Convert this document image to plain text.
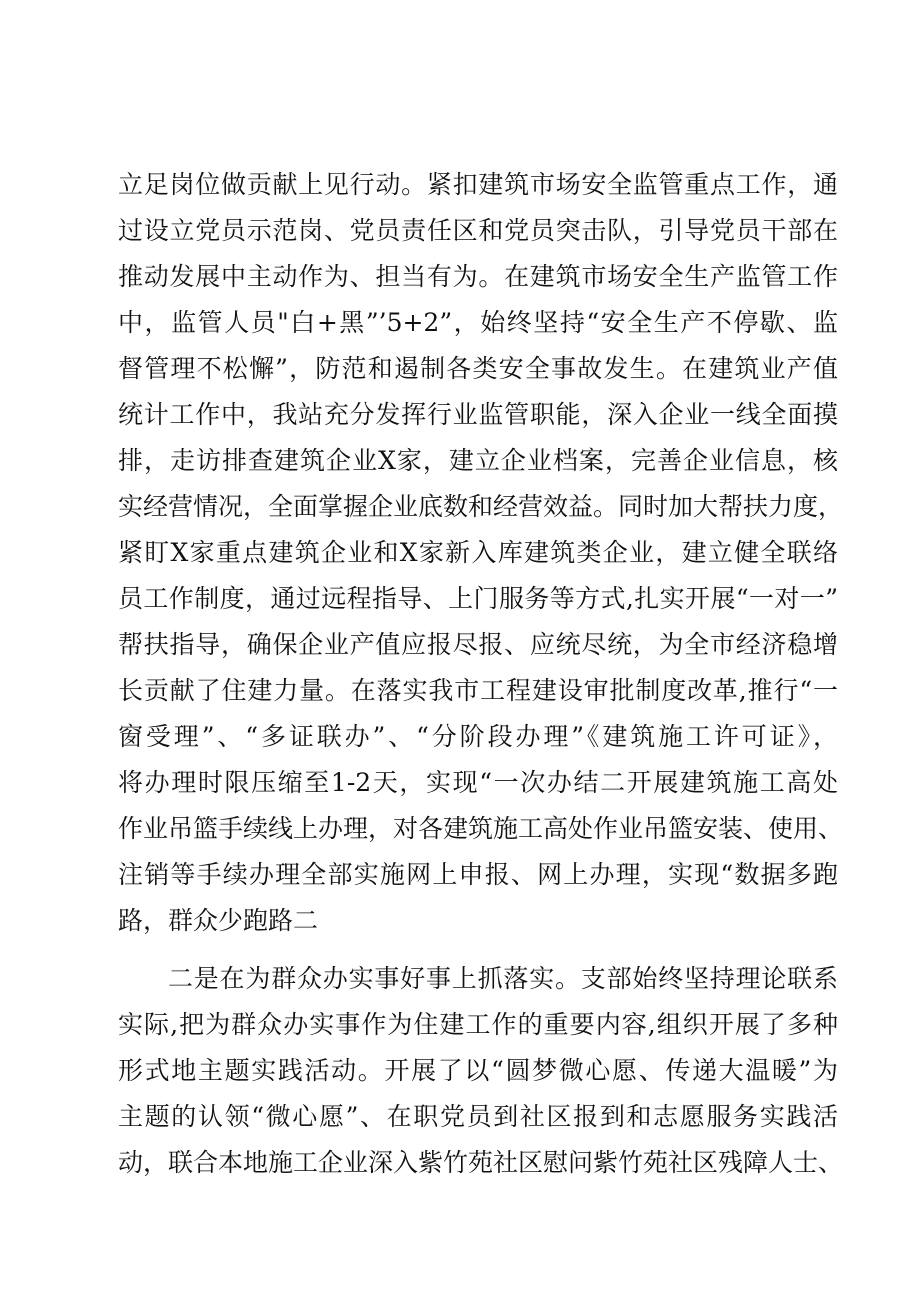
立足岗位做贡献上见行动。紧扣建筑市场安全监管重点工作，通
过设立党员示范岗、党员责任区和党员突击队，引导党员干部在
推动发展中主动作为、担当有为。在建筑市场安全生产监管工作
中，监管人员"白+黑”’5+2”，始终坚持“安全生产不停歇、监
督管理不松懈”，防范和遏制各类安全事故发生。在建筑业产值
统计工作中，我站充分发挥行业监管职能，深入企业一线全面摸
排，走访排查建筑企业X家，建立企业档案，完善企业信息，核
实经营情况，全面掌握企业底数和经营效益。同时加大帮扶力度，
紧盯X家重点建筑企业和X家新入库建筑类企业，建立健全联络
员工作制度，通过远程指导、上门服务等方式,扎实开展“一对一”
帮扶指导，确保企业产值应报尽报、应统尽统，为全市经济稳增
长贡献了住建力量。在落实我市工程建设审批制度改革,推行“一
窗受理”、“多证联办”、“分阶段办理”《建筑施工许可证》，
将办理时限压缩至1-2天，实现“一次办结二开展建筑施工高处
作业吊篮手续线上办理，对各建筑施工高处作业吊篮安装、使用、
注销等手续办理全部实施网上申报、网上办理，实现“数据多跑
路，群众少跑路二
二是在为群众办实事好事上抓落实。支部始终坚持理论联系
实际,把为群众办实事作为住建工作的重要内容,组织开展了多种
形式地主题实践活动。开展了以“圆梦微心愿、传递大温暖”为
主题的认领“微心愿”、在职党员到社区报到和志愿服务实践活
动，联合本地施工企业深入紫竹苑社区慰问紫竹苑社区残障人士、
